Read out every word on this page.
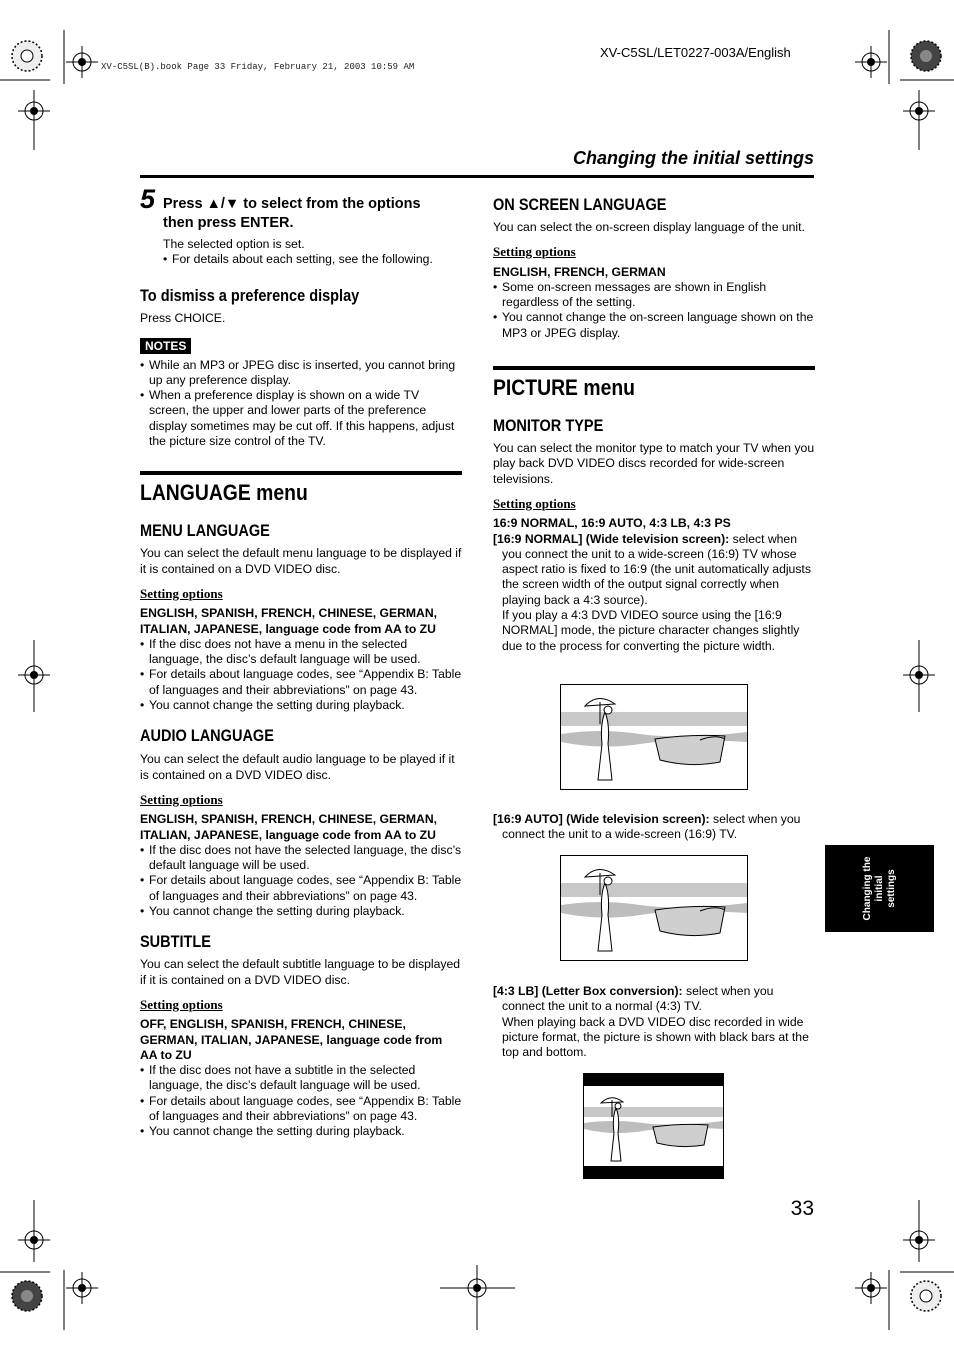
XV-C5SL(B).book Page 33 Friday, February 21, 2003 10:59 AM
XV-C5SL/LET0227-003A/English
Changing the initial settings
5 Press ▲/▼ to select from the options
then press ENTER.

The selected option is set.

• For details about each setting, see the following.

To dismiss a preference display

Press CHOICE.

NOTES

• While an MP3 or JPEG disc is inserted, you cannot bring up any preference display.

• When a preference display is shown on a wide TV screen, the upper and lower parts of the preference display sometimes may be cut off. If this happens, adjust the picture size control of the TV.

LANGUAGE menu
MENU LANGUAGE

You can select the default menu language to be displayed if it is contained on a DVD VIDEO disc.

Setting options

ENGLISH, SPANISH, FRENCH, CHINESE, GERMAN, ITALIAN, JAPANESE, language code from AA to ZU

• If the disc does not have a menu in the selected language, the disc’s default language will be used.

• For details about language codes, see “Appendix B: Table of languages and their abbreviations” on page 43.

• You cannot change the setting during playback.

AUDIO LANGUAGE

You can select the default audio language to be played if it is contained on a DVD VIDEO disc.

Setting options

ENGLISH, SPANISH, FRENCH, CHINESE, GERMAN, ITALIAN, JAPANESE, language code from AA to ZU

• If the disc does not have the selected language, the disc’s default language will be used.

• For details about language codes, see “Appendix B: Table of languages and their abbreviations” on page 43.

• You cannot change the setting during playback.

SUBTITLE

You can select the default subtitle language to be displayed if it is contained on a DVD VIDEO disc.

Setting options

OFF, ENGLISH, SPANISH, FRENCH, CHINESE, GERMAN, ITALIAN, JAPANESE, language code from AA to ZU

• If the disc does not have a subtitle in the selected language, the disc’s default language will be used.

• For details about language codes, see “Appendix B: Table of languages and their abbreviations” on page 43.

• You cannot change the setting during playback.

ON SCREEN LANGUAGE

You can select the on-screen display language of the unit.

Setting options

ENGLISH, FRENCH, GERMAN

• Some on-screen messages are shown in English regardless of the setting.

• You cannot change the on-screen language shown on the MP3 or JPEG display.

PICTURE menu
MONITOR TYPE

You can select the monitor type to match your TV when you play back DVD VIDEO discs recorded for wide-screen televisions.

Setting options

16:9 NORMAL, 16:9 AUTO, 4:3 LB, 4:3 PS

[16:9 NORMAL] (Wide television screen): select when you connect the unit to a wide-screen (16:9) TV whose aspect ratio is fixed to 16:9 (the unit automatically adjusts the screen width of the output signal correctly when playing back a 4:3 source).

If you play a 4:3 DVD VIDEO source using the [16:9 NORMAL] mode, the picture character changes slightly due to the process for converting the picture width.

[16:9 AUTO] (Wide television screen): select when you connect the unit to a wide-screen (16:9) TV.

[4:3 LB] (Letter Box conversion): select when you connect the unit to a normal (4:3) TV.

When playing back a DVD VIDEO disc recorded in wide picture format, the picture is shown with black bars at the top and bottom.

Changing the initial settings
33
